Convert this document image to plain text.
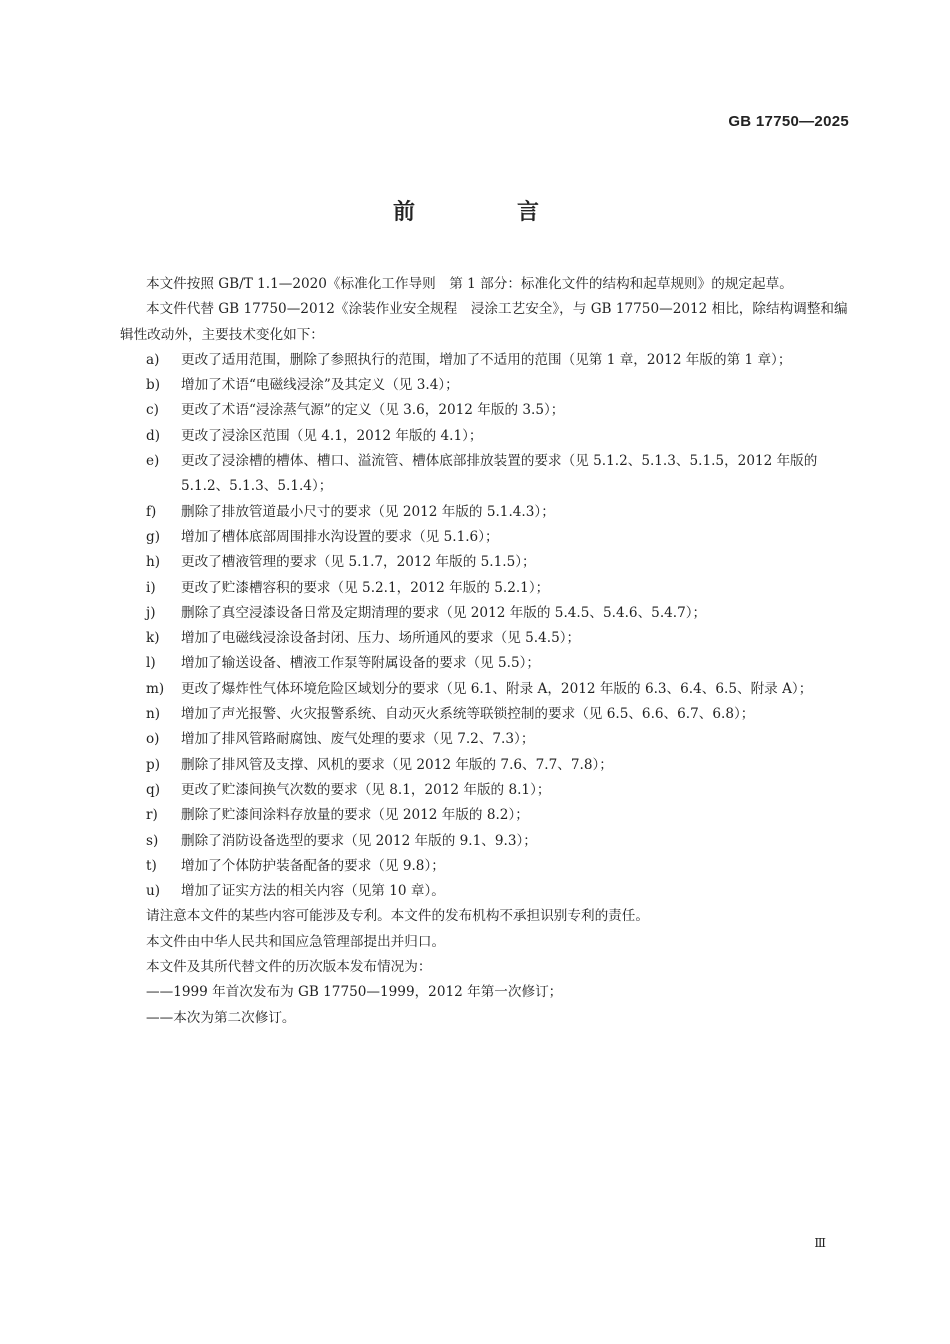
GB 17750—2025
前　言
本文件按照 GB/T 1.1—2020《标准化工作导则　第 1 部分：标准化文件的结构和起草规则》的规定起草。
本文件代替 GB 17750—2012《涂装作业安全规程　浸涂工艺安全》，与 GB 17750—2012 相比，除结构调整和编辑性改动外，主要技术变化如下：
a)	更改了适用范围，删除了参照执行的范围，增加了不适用的范围（见第 1 章，2012 年版的第 1 章）；
b)	增加了术语“电磁线浸涂”及其定义（见 3.4）；
c)	更改了术语“浸涂蒸气源”的定义（见 3.6，2012 年版的 3.5）；
d)	更改了浸涂区范围（见 4.1，2012 年版的 4.1）；
e)	更改了浸涂槽的槽体、槽口、溢流管、槽体底部排放装置的要求（见 5.1.2、5.1.3、5.1.5，2012 年版的 5.1.2、5.1.3、5.1.4）；
f)	删除了排放管道最小尺寸的要求（见 2012 年版的 5.1.4.3）；
g)	增加了槽体底部周围排水沟设置的要求（见 5.1.6）；
h)	更改了槽液管理的要求（见 5.1.7，2012 年版的 5.1.5）；
i)	更改了贮漆槽容积的要求（见 5.2.1，2012 年版的 5.2.1）；
j)	删除了真空浸漆设备日常及定期清理的要求（见 2012 年版的 5.4.5、5.4.6、5.4.7）；
k)	增加了电磁线浸涂设备封闭、压力、场所通风的要求（见 5.4.5）；
l)	增加了输送设备、槽液工作泵等附属设备的要求（见 5.5）；
m)	更改了爆炸性气体环境危险区域划分的要求（见 6.1、附录 A，2012 年版的 6.3、6.4、6.5、附录 A）；
n)	增加了声光报警、火灾报警系统、自动灭火系统等联锁控制的要求（见 6.5、6.6、6.7、6.8）；
o)	增加了排风管路耐腐蚀、废气处理的要求（见 7.2、7.3）；
p)	删除了排风管及支撑、风机的要求（见 2012 年版的 7.6、7.7、7.8）；
q)	更改了贮漆间换气次数的要求（见 8.1，2012 年版的 8.1）；
r)	删除了贮漆间涂料存放量的要求（见 2012 年版的 8.2）；
s)	删除了消防设备选型的要求（见 2012 年版的 9.1、9.3）；
t)	增加了个体防护装备配备的要求（见 9.8）；
u)	增加了证实方法的相关内容（见第 10 章）。
请注意本文件的某些内容可能涉及专利。本文件的发布机构不承担识别专利的责任。
本文件由中华人民共和国应急管理部提出并归口。
本文件及其所代替文件的历次版本发布情况为：
——1999 年首次发布为 GB 17750—1999，2012 年第一次修订；
——本次为第二次修订。
Ⅲ
